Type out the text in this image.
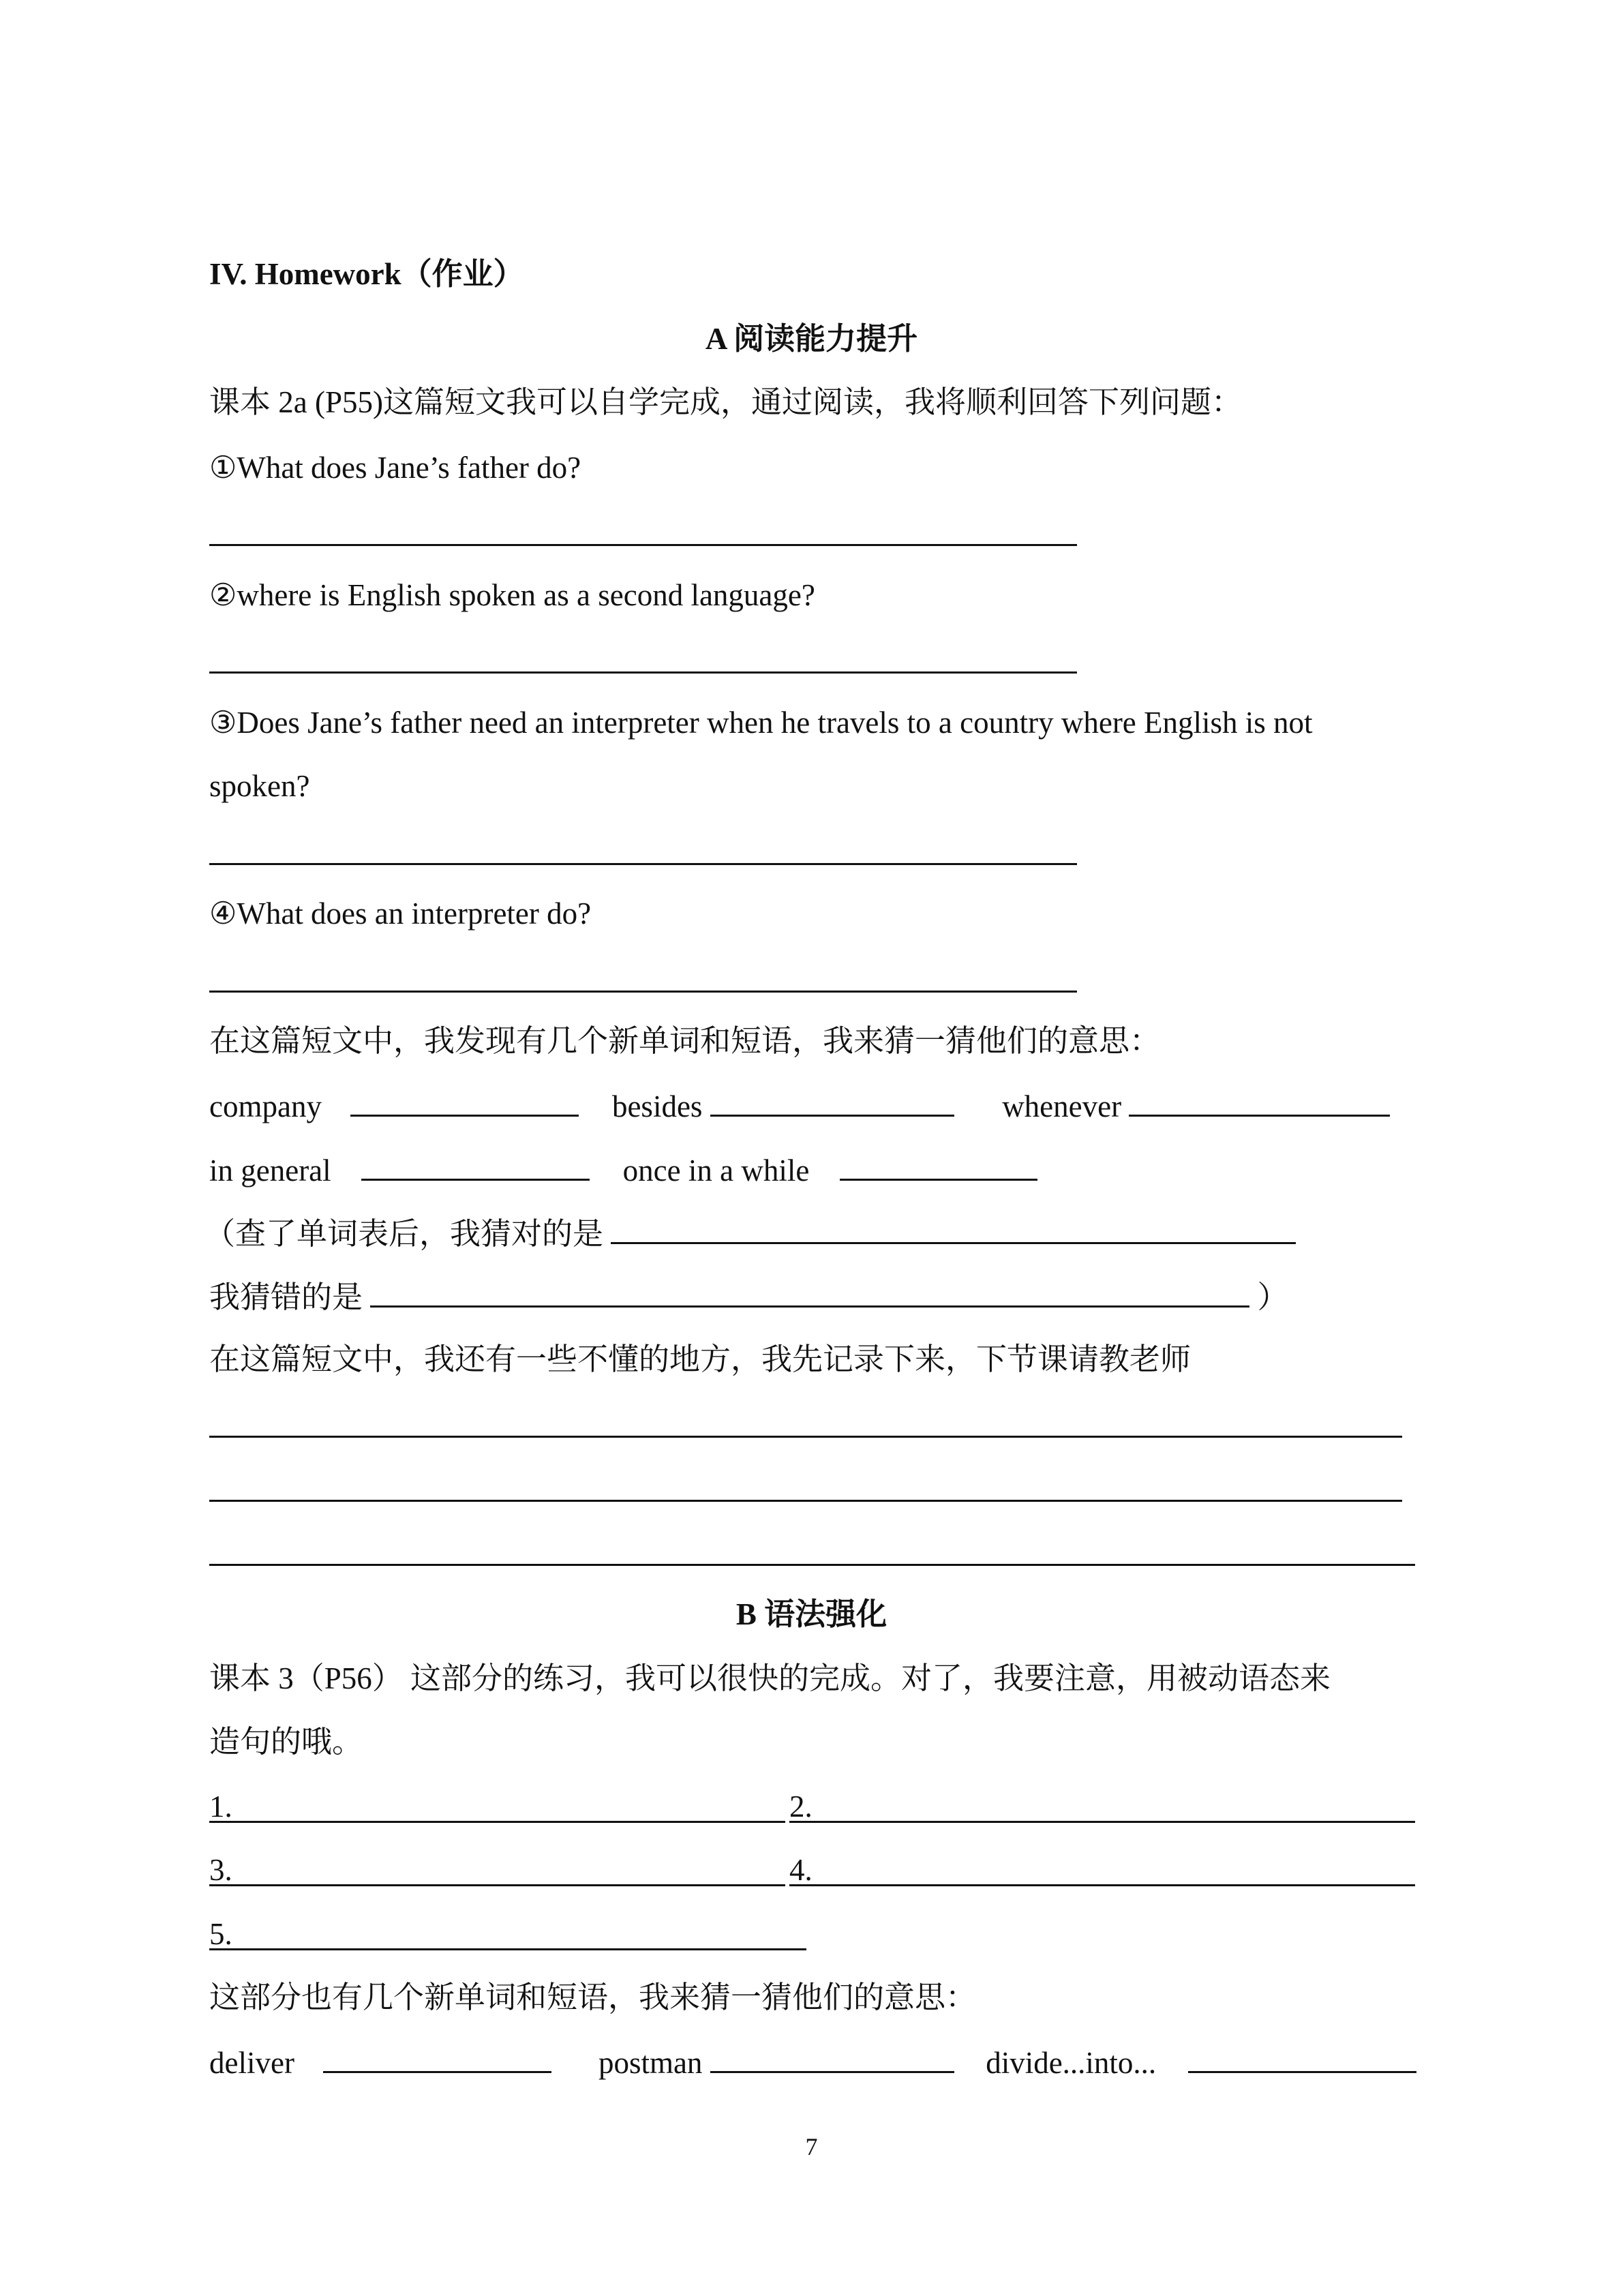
IV. Homework（作业）
A 阅读能力提升
课本 2a (P55)这篇短文我可以自学完成，通过阅读，我将顺利回答下列问题：
①What does Jane’s father do?
②where is English spoken as a second language?
③Does Jane’s father need an interpreter when he travels to a country where English is not
spoken?
④What does an interpreter do?
在这篇短文中，我发现有几个新单词和短语，我来猜一猜他们的意思：
company	besides	whenever
in general	once in a while
（查了单词表后，我猜对的是
我猜错的是	）
在这篇短文中，我还有一些不懂的地方，我先记录下来，下节课请教老师
B 语法强化
课本 3（P56） 这部分的练习，我可以很快的完成。对了，我要注意，用被动语态来
造句的哦。
1.	2.
3.	4.
5.
这部分也有几个新单词和短语，我来猜一猜他们的意思：
deliver	postman	divide...into...
7
